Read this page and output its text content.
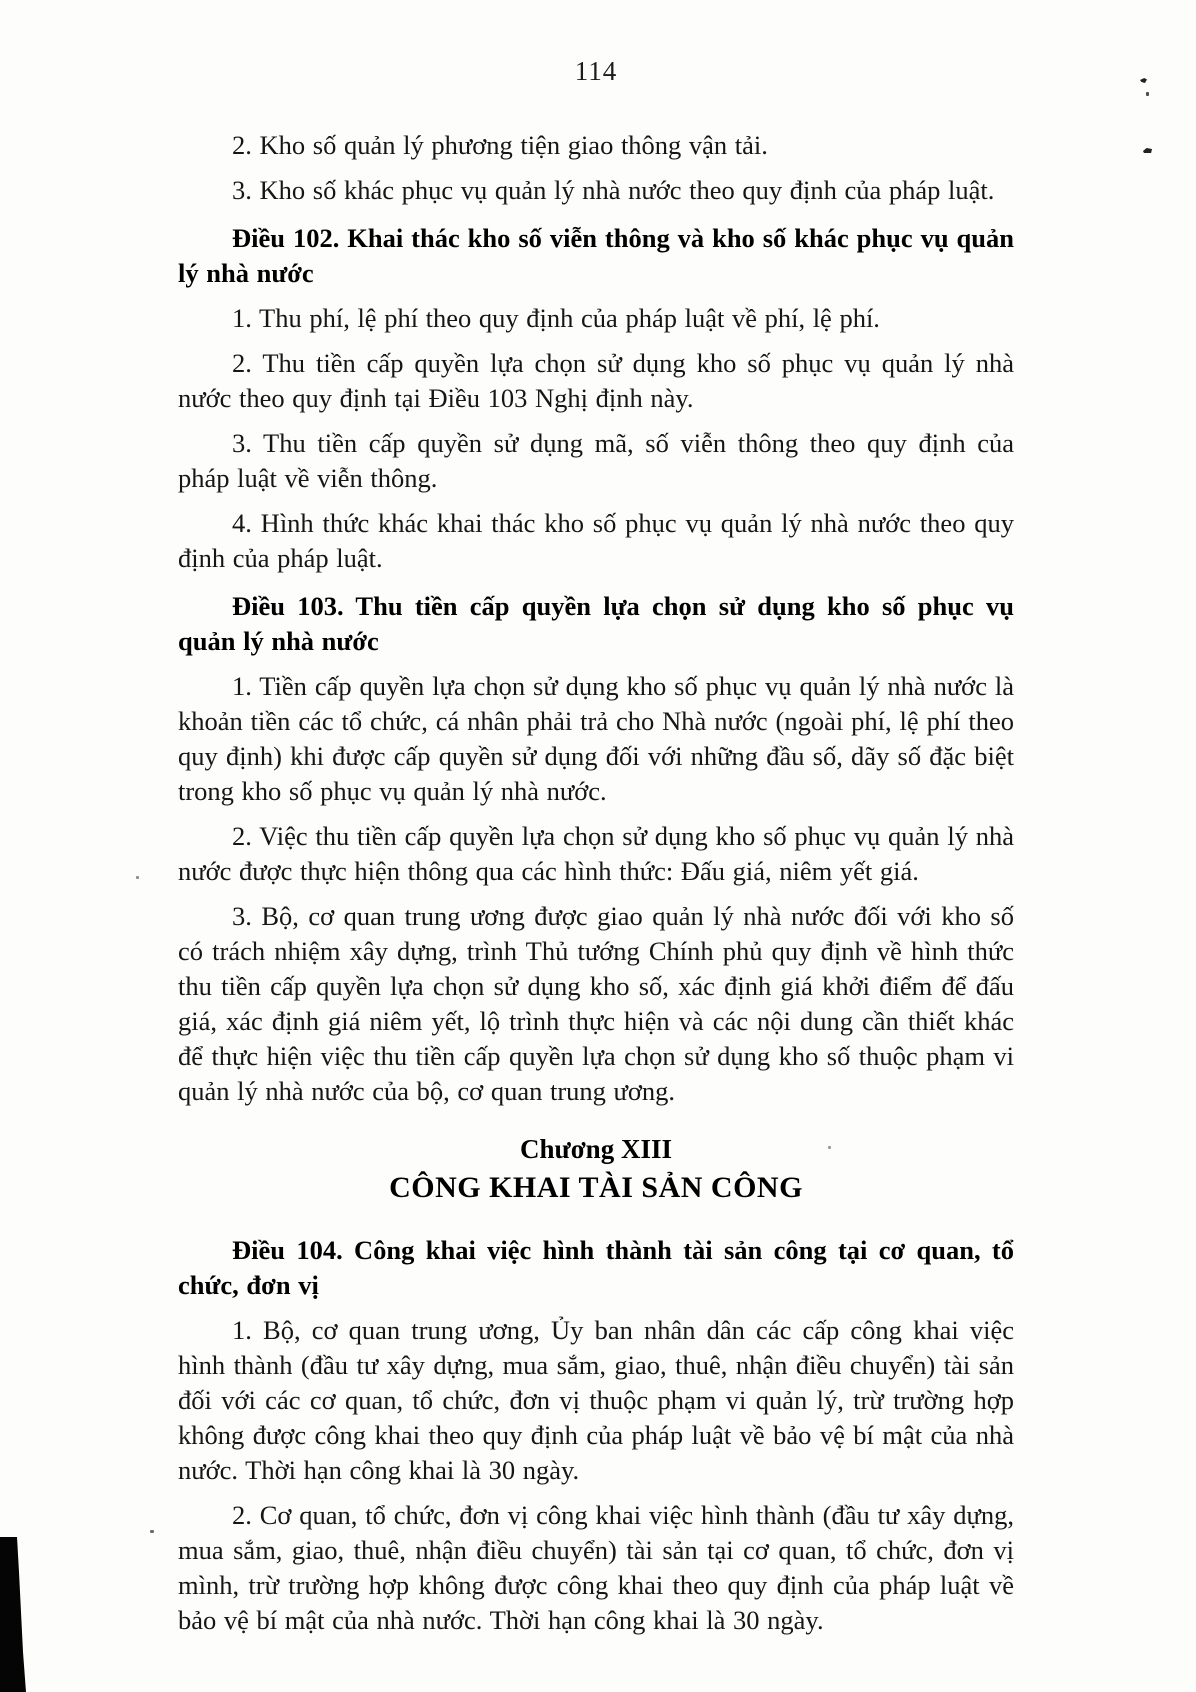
114

2. Kho số quản lý phương tiện giao thông vận tải.

3. Kho số khác phục vụ quản lý nhà nước theo quy định của pháp luật.

Điều 102. Khai thác kho số viễn thông và kho số khác phục vụ quản lý nhà nước

1. Thu phí, lệ phí theo quy định của pháp luật về phí, lệ phí.

2. Thu tiền cấp quyền lựa chọn sử dụng kho số phục vụ quản lý nhà nước theo quy định tại Điều 103 Nghị định này.

3. Thu tiền cấp quyền sử dụng mã, số viễn thông theo quy định của pháp luật về viễn thông.

4. Hình thức khác khai thác kho số phục vụ quản lý nhà nước theo quy định của pháp luật.

Điều 103. Thu tiền cấp quyền lựa chọn sử dụng kho số phục vụ quản lý nhà nước

1. Tiền cấp quyền lựa chọn sử dụng kho số phục vụ quản lý nhà nước là khoản tiền các tổ chức, cá nhân phải trả cho Nhà nước (ngoài phí, lệ phí theo quy định) khi được cấp quyền sử dụng đối với những đầu số, dãy số đặc biệt trong kho số phục vụ quản lý nhà nước.

2. Việc thu tiền cấp quyền lựa chọn sử dụng kho số phục vụ quản lý nhà nước được thực hiện thông qua các hình thức: Đấu giá, niêm yết giá.

3. Bộ, cơ quan trung ương được giao quản lý nhà nước đối với kho số có trách nhiệm xây dựng, trình Thủ tướng Chính phủ quy định về hình thức thu tiền cấp quyền lựa chọn sử dụng kho số, xác định giá khởi điểm để đấu giá, xác định giá niêm yết, lộ trình thực hiện và các nội dung cần thiết khác để thực hiện việc thu tiền cấp quyền lựa chọn sử dụng kho số thuộc phạm vi quản lý nhà nước của bộ, cơ quan trung ương.

Chương XIII
CÔNG KHAI TÀI SẢN CÔNG

Điều 104. Công khai việc hình thành tài sản công tại cơ quan, tổ chức, đơn vị

1. Bộ, cơ quan trung ương, Ủy ban nhân dân các cấp công khai việc hình thành (đầu tư xây dựng, mua sắm, giao, thuê, nhận điều chuyển) tài sản đối với các cơ quan, tổ chức, đơn vị thuộc phạm vi quản lý, trừ trường hợp không được công khai theo quy định của pháp luật về bảo vệ bí mật của nhà nước. Thời hạn công khai là 30 ngày.

2. Cơ quan, tổ chức, đơn vị công khai việc hình thành (đầu tư xây dựng, mua sắm, giao, thuê, nhận điều chuyển) tài sản tại cơ quan, tổ chức, đơn vị mình, trừ trường hợp không được công khai theo quy định của pháp luật về bảo vệ bí mật của nhà nước. Thời hạn công khai là 30 ngày.
